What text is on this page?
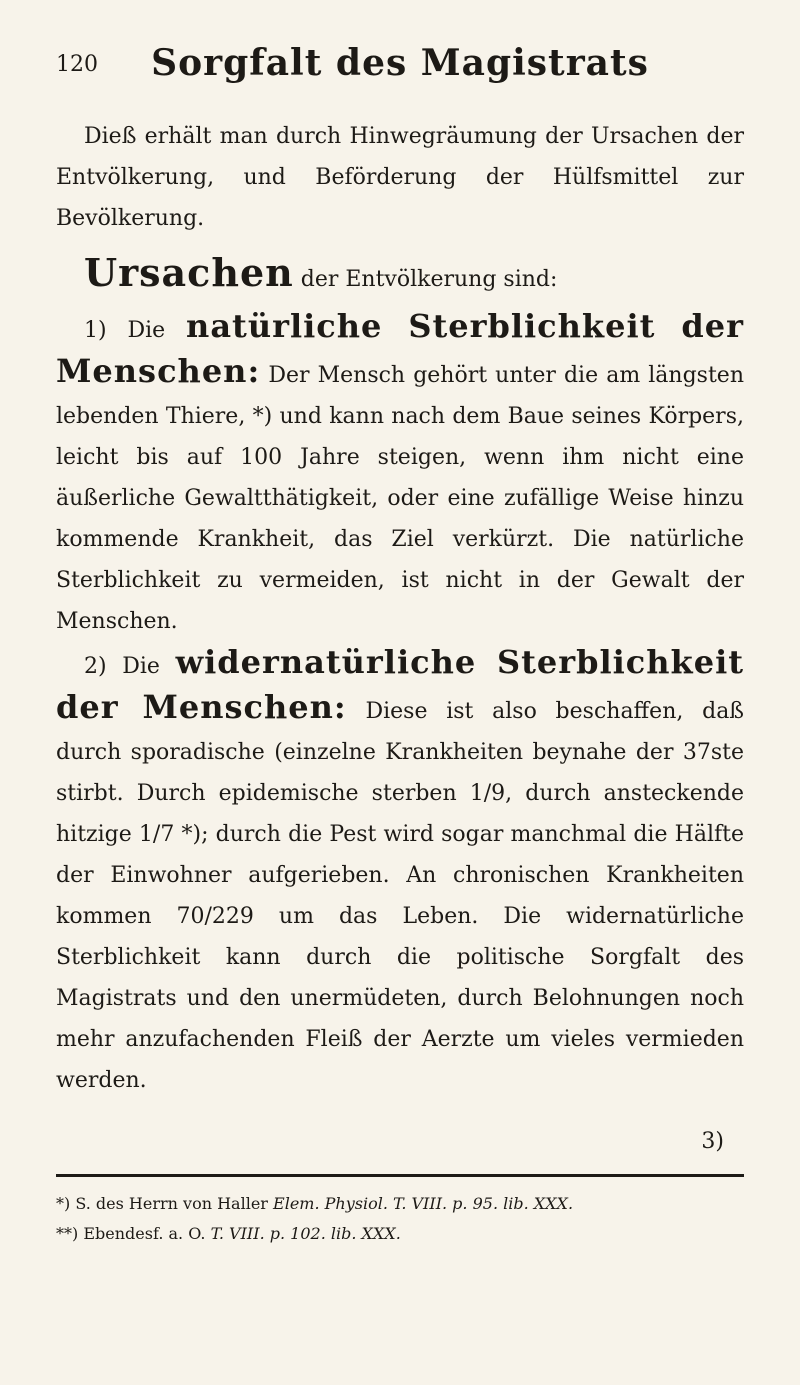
120	Sorgfalt des Magistrats

Dieß erhält man durch Hinwegräumung der Ursachen der Entvölkerung, und Beförderung der Hülfsmittel zur Bevölkerung.

Ursachen der Entvölkerung sind:

1) Die natürliche Sterblichkeit der Menschen: Der Mensch gehört unter die am längsten lebenden Thiere, *) und kann nach dem Baue seines Körpers, leicht bis auf 100 Jahre steigen, wenn ihm nicht eine äußerliche Gewaltthätigkeit, oder eine zufällige Weise hinzu kommende Krankheit, das Ziel verkürzt. Die natürliche Sterblichkeit zu vermeiden, ist nicht in der Gewalt der Menschen.

2) Die widernatürliche Sterblichkeit der Menschen: Diese ist also beschaffen, daß durch sporadische (einzelne Krankheiten beynahe der 37ste stirbt. Durch epidemische sterben 1/9, durch ansteckende hitzige 1/7 *); durch die Pest wird sogar manchmal die Hälfte der Einwohner aufgerieben. An chronischen Krankheiten kommen 70/229 um das Leben. Die widernatürliche Sterblichkeit kann durch die politische Sorgfalt des Magistrats und den unermüdeten, durch Belohnungen noch mehr anzufachenden Fleiß der Aerzte um vieles vermieden werden.

3)

*) S. des Herrn von Haller Elem. Physiol. T. VIII. p. 95. lib. XXX.

**) Ebendesf. a. O. T. VIII. p. 102. lib. XXX.
